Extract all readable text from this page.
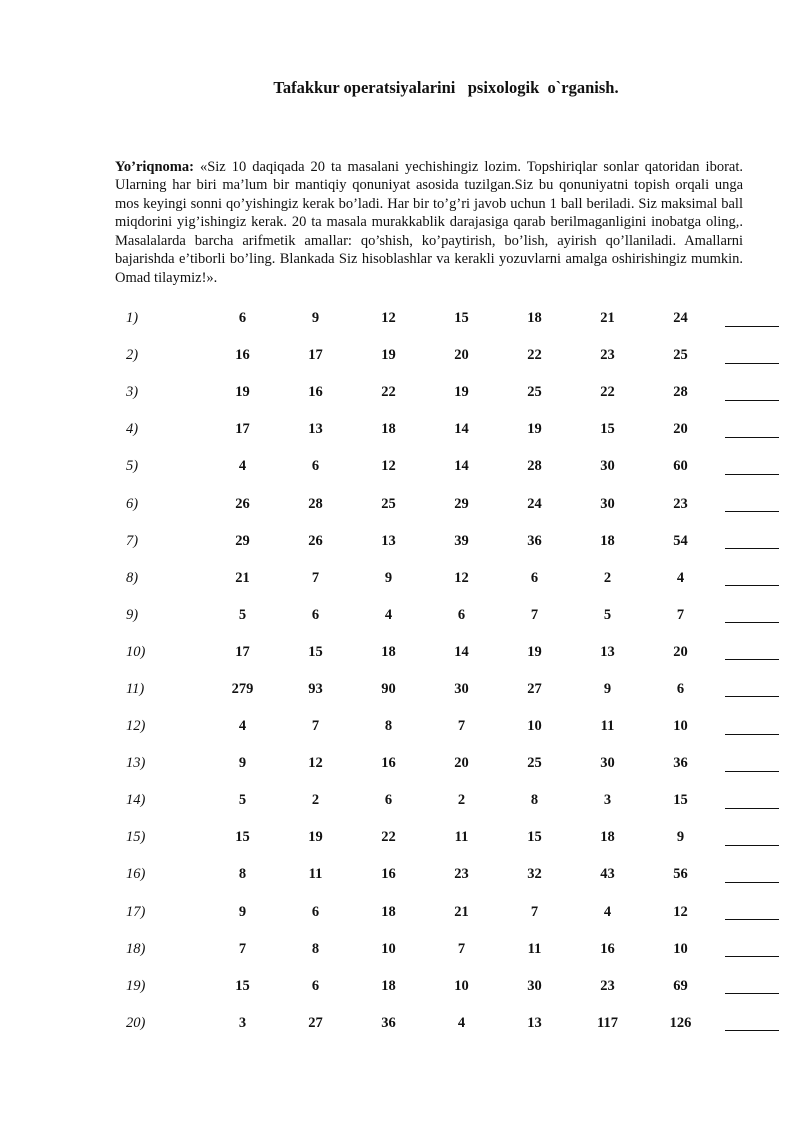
Tafakkur operatsiyalarini   psixologik  o`rganish.

Yo’riqnoma: «Siz 10 daqiqada 20 ta masalani yechishingiz lozim. Topshiriqlar sonlar qatoridan iborat. Ularning har biri ma’lum bir mantiqiy qonuniyat asosida tuzilgan.Siz bu qonuniyatni topish orqali unga mos keyingi sonni qo’yishingiz kerak bo’ladi. Har bir to’g’ri javob uchun 1 ball beriladi. Siz maksimal ball miqdorini yig’ishingiz kerak. 20 ta masala murakkablik darajasiga qarab berilmaganligini inobatga oling,. Masalalarda barcha arifmetik amallar: qo’shish, ko’paytirish, bo’lish, ayirish qo’llaniladi. Amallarni bajarishda e’tiborli bo’ling. Blankada Siz hisoblashlar va kerakli yozuvlarni amalga oshirishingiz mumkin. Omad tilaymiz!».

1)	6	9	12	15	18	21	24	
2)	16	17	19	20	22	23	25	
3)	19	16	22	19	25	22	28	
4)	17	13	18	14	19	15	20	
5)	4	6	12	14	28	30	60	
6)	26	28	25	29	24	30	23	
7)	29	26	13	39	36	18	54	
8)	21	7	9	12	6	2	4	
9)	5	6	4	6	7	5	7	
10)	17	15	18	14	19	13	20	
11)	279	93	90	30	27	9	6	
12)	4	7	8	7	10	11	10	
13)	9	12	16	20	25	30	36	
14)	5	2	6	2	8	3	15	
15)	15	19	22	11	15	18	9	
16)	8	11	16	23	32	43	56	
17)	9	6	18	21	7	4	12	
18)	7	8	10	7	11	16	10	
19)	15	6	18	10	30	23	69	
20)	3	27	36	4	13	117	126	
